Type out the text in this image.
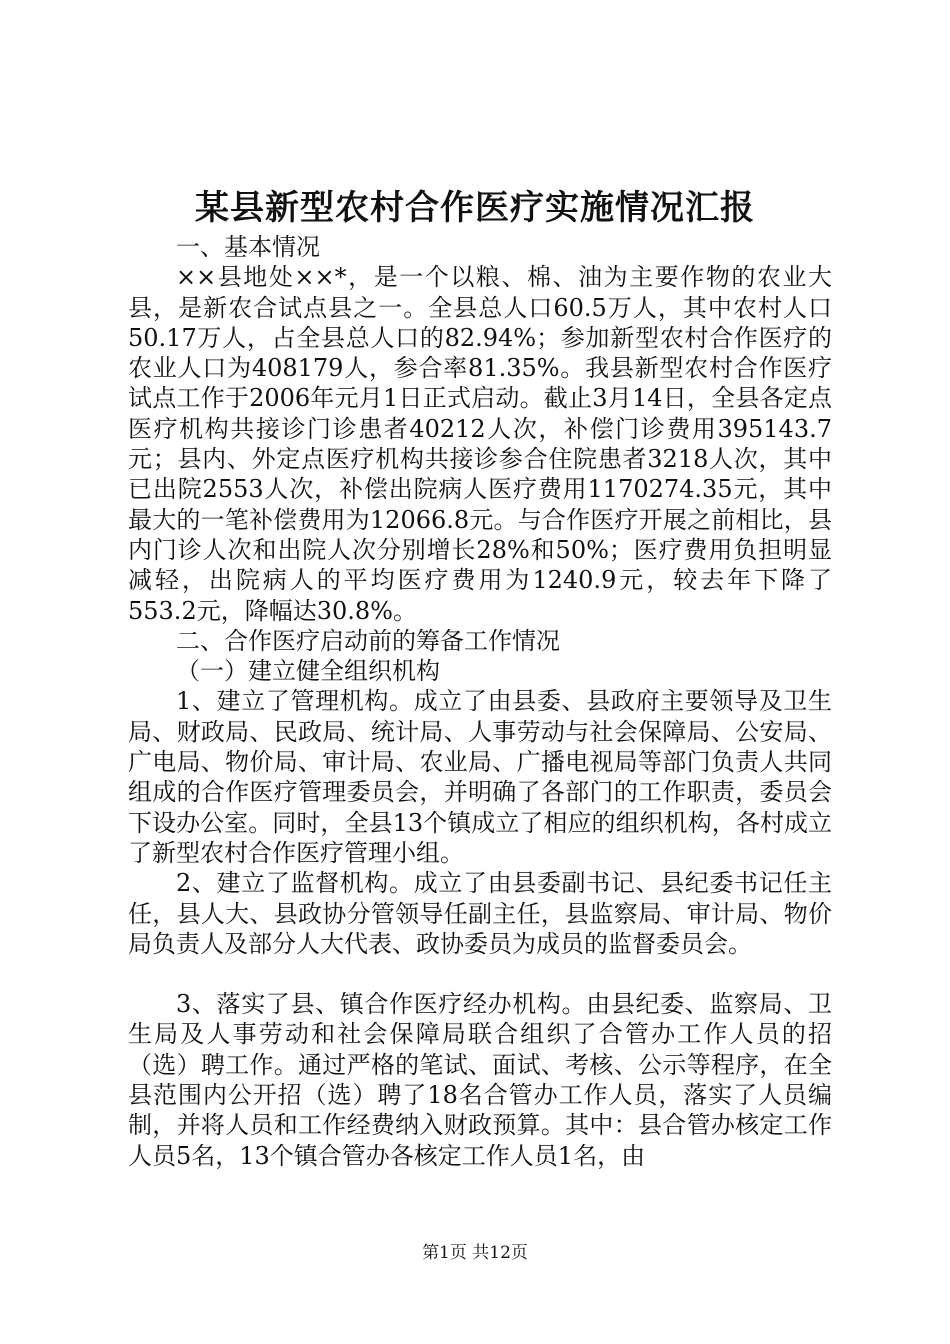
某县新型农村合作医疗实施情况汇报

一、基本情况

××县地处××*，是一个以粮、棉、油为主要作物的农业大县，是新农合试点县之一。全县总人口60.5万人，其中农村人口50.17万人，占全县总人口的82.94%；参加新型农村合作医疗的农业人口为408179人，参合率81.35%。我县新型农村合作医疗试点工作于2006年元月1日正式启动。截止3月14日，全县各定点医疗机构共接诊门诊患者40212人次，补偿门诊费用395143.7元；县内、外定点医疗机构共接诊参合住院患者3218人次，其中已出院2553人次，补偿出院病人医疗费用1170274.35元，其中最大的一笔补偿费用为12066.8元。与合作医疗开展之前相比，县内门诊人次和出院人次分别增长28%和50%；医疗费用负担明显减轻，出院病人的平均医疗费用为1240.9元，较去年下降了553.2元，降幅达30.8%。

二、合作医疗启动前的筹备工作情况

（一）建立健全组织机构

1、建立了管理机构。成立了由县委、县政府主要领导及卫生局、财政局、民政局、统计局、人事劳动与社会保障局、公安局、广电局、物价局、审计局、农业局、广播电视局等部门负责人共同组成的合作医疗管理委员会，并明确了各部门的工作职责，委员会下设办公室。同时，全县13个镇成立了相应的组织机构，各村成立了新型农村合作医疗管理小组。

2、建立了监督机构。成立了由县委副书记、县纪委书记任主任，县人大、县政协分管领导任副主任，县监察局、审计局、物价局负责人及部分人大代表、政协委员为成员的监督委员会。

3、落实了县、镇合作医疗经办机构。由县纪委、监察局、卫生局及人事劳动和社会保障局联合组织了合管办工作人员的招（选）聘工作。通过严格的笔试、面试、考核、公示等程序，在全县范围内公开招（选）聘了18名合管办工作人员，落实了人员编制，并将人员和工作经费纳入财政预算。其中：县合管办核定工作人员5名，13个镇合管办各核定工作人员1名，由

第1页 共12页
